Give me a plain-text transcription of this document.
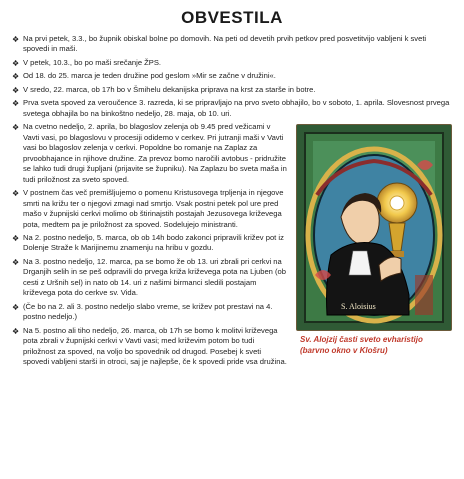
OBVESTILA
❖ Na prvi petek, 3.3., bo župnik obiskal bolne po domovih. Na peti od devetih prvih petkov pred posvetitvijo vabljeni k sveti spovedi in maši.
❖ V petek, 10.3., bo po maši srečanje ŽPS.
❖ Od 18. do 25. marca je teden družine pod geslom »Mir se začne v družini«.
❖ V sredo, 22. marca, ob 17h bo v Šmihelu dekanijska priprava na krst za starše in botre.
❖ Prva sveta spoved za veroučence 3. razreda, ki se pripravljajo na prvo sveto obhajilo, bo v soboto, 1. aprila. Slovesnost prvega svetega obhajila bo na binkoštno nedeljo, 28. maja, ob 10. uri.
S. Aloisius
Sv. Alojzij časti sveto evharistijo (barvno okno v Klošru)
❖ Na cvetno nedeljo, 2. aprila, bo blagoslov zelenja ob 9.45 pred vežicami v Vavti vasi, po blagoslovu v procesiji odidemo v cerkev. Pri jutranji maši v Vavti vasi bo blagoslov zelenja v cerkvi. Popoldne bo romanje na Zaplaz za prvoobhajance in njihove družine. Za prevoz bomo naročili avtobus - pridružite se lahko tudi drugi župljani (prijavite se župniku). Na Zaplazu bo sveta maša in tudi priložnost za sveto spoved.
❖ V postnem čas več premišljujemo o pomenu Kristusovega trpljenja in njegove smrti na križu ter o njegovi zmagi nad smrtjo. Vsak postni petek pol ure pred mašo v župnijski cerkvi molimo ob štirinajstih postajah Jezusovega križevega pota, medtem pa je priložnost za spoved. Sodelujejo ministranti.
❖ Na 2. postno nedeljo, 5. marca, ob ob 14h bodo zakonci pripravili križev pot iz Dolenje Straže k Marijinemu znamenju na hribu v gozdu.
❖ Na 3. postno nedeljo, 12. marca, pa se bomo že ob 13. uri zbrali pri cerkvi na Drganjih selih in se peš odpravili do prvega križa križevega pota na Ljuben (ob cesti z Uršnih sel) in nato ob 14. uri z našimi birmanci sledili postajam križevega pota do cerkve sv. Vida.
❖ (Če bo na 2. ali 3. postno nedeljo slabo vreme, se križev pot prestavi na 4. postno nedeljo.)
❖ Na 5. postno ali tiho nedeljo, 26. marca, ob 17h se bomo k molitvi križevega pota zbrali v župnijski cerkvi v Vavti vasi; med križevim potom bo tudi priložnost za spoved, na voljo bo spovednik od drugod. Posebej k sveti spovedi vabljeni starši in otroci, saj je najlepše, če k spovedi pride vsa družina.
